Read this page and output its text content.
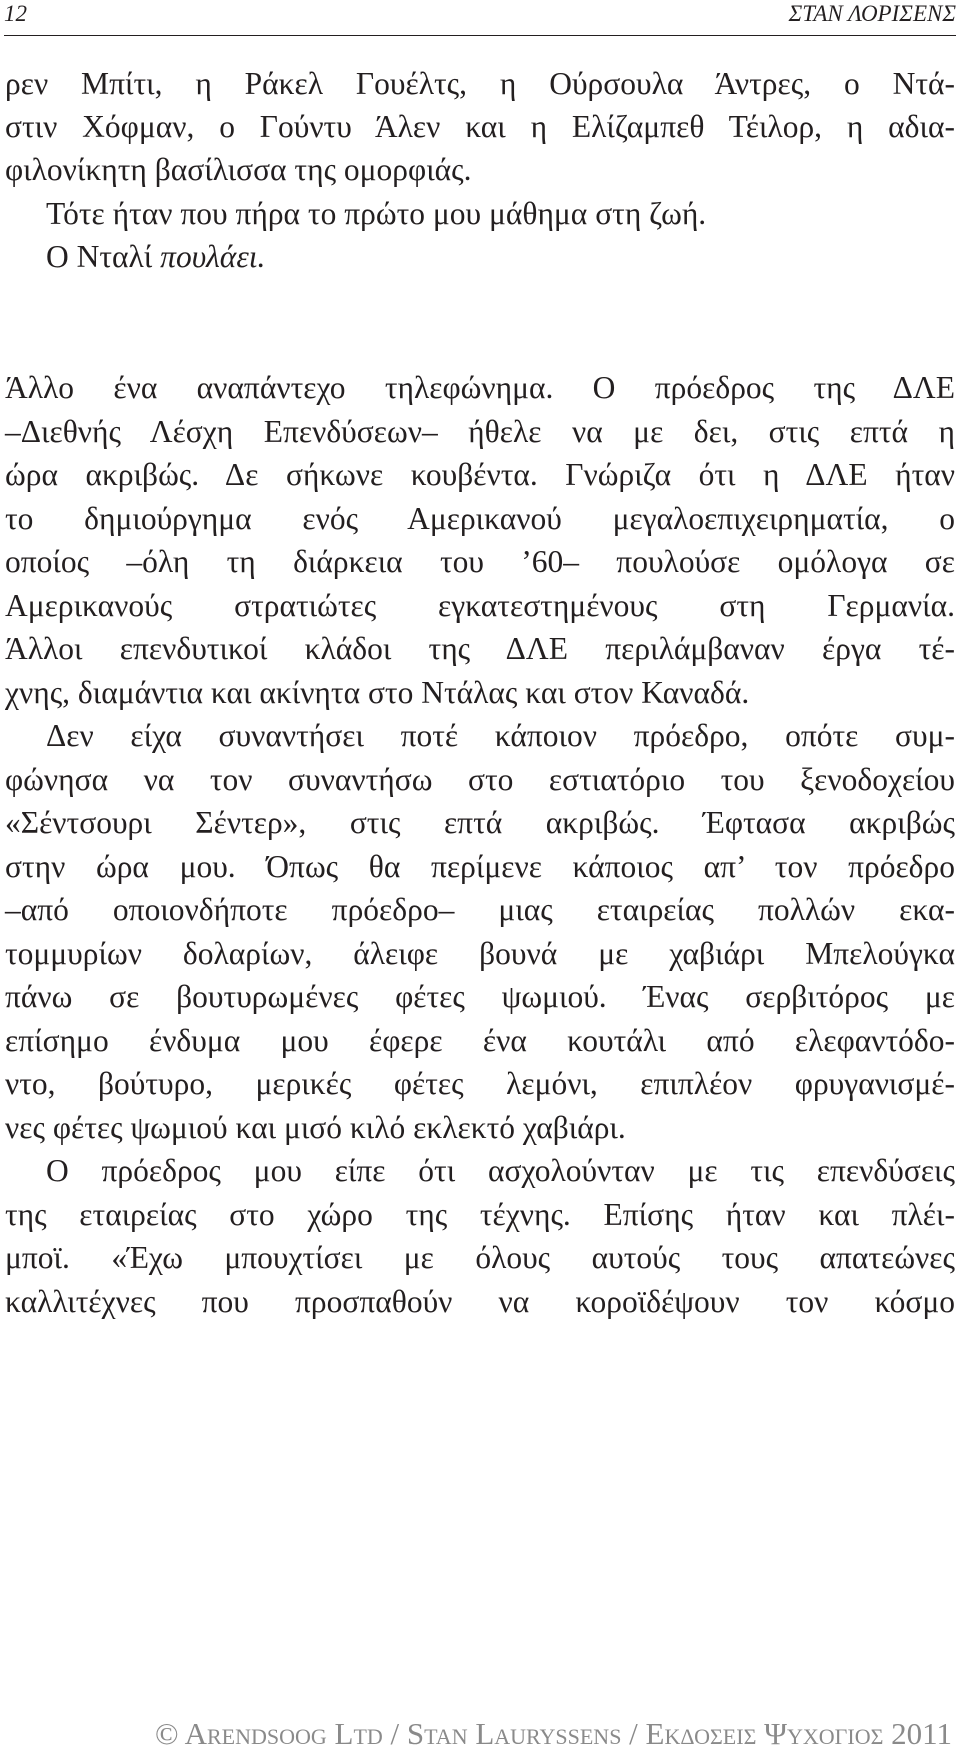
12	ΣΤΑΝ ΛΟΡΙΣΕΝΣ
ρεν Μπίτι, η Ράκελ Γουέλτς, η Ούρσουλα Άντρες, ο Ντά-
στιν Χόφμαν, ο Γούντυ Άλεν και η Ελίζαμπεθ Τέιλορ, η αδια-
φιλονίκητη βασίλισσα της ομορφιάς.
Τότε ήταν που πήρα το πρώτο μου μάθημα στη ζωή.
Ο Νταλί πουλάει.
Άλλο ένα αναπάντεχο τηλεφώνημα. Ο πρόεδρος της ΔΛΕ
–Διεθνής Λέσχη Επενδύσεων– ήθελε να με δει, στις επτά η
ώρα ακριβώς. Δε σήκωνε κουβέντα. Γνώριζα ότι η ΔΛΕ ήταν
το δημιούργημα ενός Αμερικανού μεγαλοεπιχειρηματία, ο
οποίος –όλη τη διάρκεια του ’60– πουλούσε ομόλογα σε
Αμερικανούς στρατιώτες εγκατεστημένους στη Γερμανία.
Άλλοι επενδυτικοί κλάδοι της ΔΛΕ περιλάμβαναν έργα τέ-
χνης, διαμάντια και ακίνητα στο Ντάλας και στον Καναδά.
Δεν είχα συναντήσει ποτέ κάποιον πρόεδρο, οπότε συμ-
φώνησα να τον συναντήσω στο εστιατόριο του ξενοδοχείου
«Σέντσουρι Σέντερ», στις επτά ακριβώς. Έφτασα ακριβώς
στην ώρα μου. Όπως θα περίμενε κάποιος απ’ τον πρόεδρο
–από οποιονδήποτε πρόεδρο– μιας εταιρείας πολλών εκα-
τομμυρίων δολαρίων, άλειφε βουνά με χαβιάρι Μπελούγκα
πάνω σε βουτυρωμένες φέτες ψωμιού. Ένας σερβιτόρος με
επίσημο ένδυμα μου έφερε ένα κουτάλι από ελεφαντόδο-
ντο, βούτυρο, μερικές φέτες λεμόνι, επιπλέον φρυγανισμέ-
νες φέτες ψωμιού και μισό κιλό εκλεκτό χαβιάρι.
Ο πρόεδρος μου είπε ότι ασχολούνταν με τις επενδύσεις
της εταιρείας στο χώρο της τέχνης. Επίσης ήταν και πλέι-
μποϊ. «Έχω μπουχτίσει με όλους αυτούς τους απατεώνες
καλλιτέχνες που προσπαθούν να κοροϊδέψουν τον κόσμο
© Arendsoog Ltd / Stan Lauryssens / Εκδοσεισ Ψυχογιοσ 2011
